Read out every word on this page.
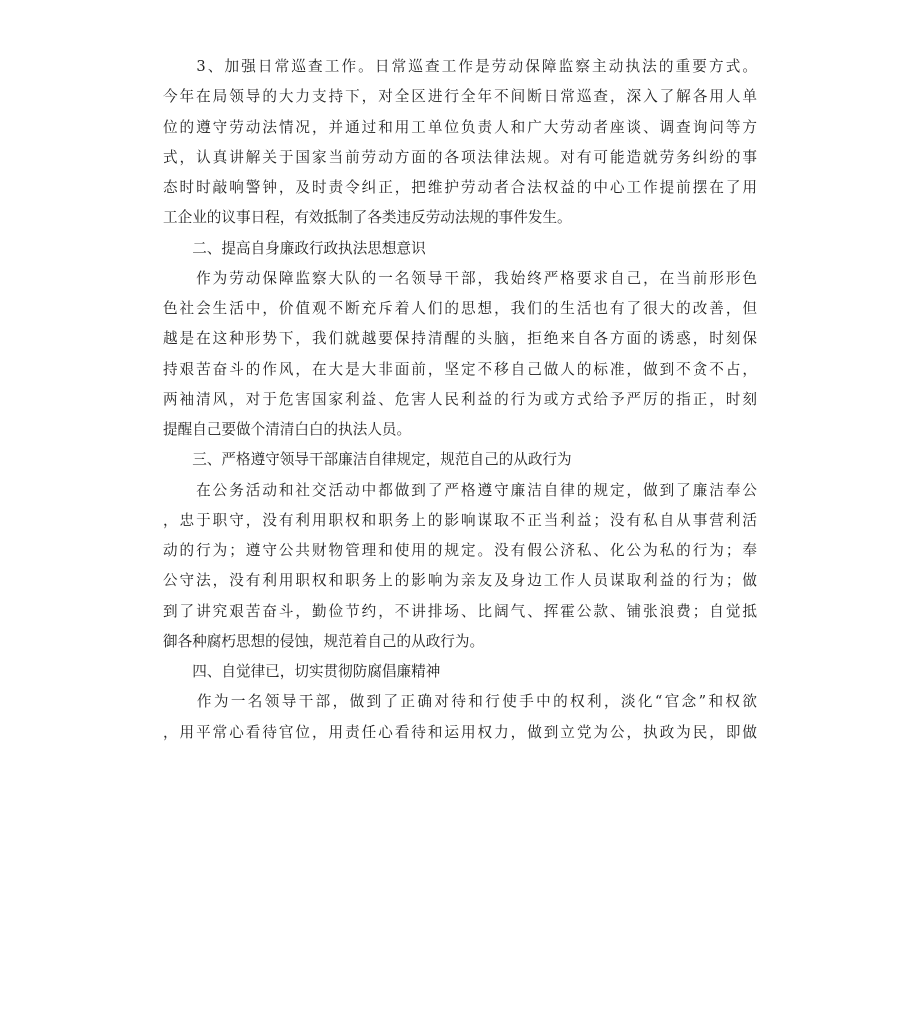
　　3、加强日常巡查工作。日常巡查工作是劳动保障监察主动执法的重要方式。
今年在局领导的大力支持下，对全区进行全年不间断日常巡查，深入了解各用人单
位的遵守劳动法情况，并通过和用工单位负责人和广大劳动者座谈、调查询问等方
式，认真讲解关于国家当前劳动方面的各项法律法规。对有可能造就劳务纠纷的事
态时时敲响警钟，及时责令纠正，把维护劳动者合法权益的中心工作提前摆在了用
工企业的议事日程，有效抵制了各类违反劳动法规的事件发生。
　　二、提高自身廉政行政执法思想意识
　　作为劳动保障监察大队的一名领导干部，我始终严格要求自己，在当前形形色
色社会生活中，价值观不断充斥着人们的思想，我们的生活也有了很大的改善，但
越是在这种形势下，我们就越要保持清醒的头脑，拒绝来自各方面的诱惑，时刻保
持艰苦奋斗的作风，在大是大非面前，坚定不移自己做人的标准，做到不贪不占，
两袖清风，对于危害国家利益、危害人民利益的行为或方式给予严厉的指正，时刻
提醒自己要做个清清白白的执法人员。
　　三、严格遵守领导干部廉洁自律规定，规范自己的从政行为
　　在公务活动和社交活动中都做到了严格遵守廉洁自律的规定，做到了廉洁奉公
，忠于职守，没有利用职权和职务上的影响谋取不正当利益；没有私自从事营利活
动的行为；遵守公共财物管理和使用的规定。没有假公济私、化公为私的行为；奉
公守法，没有利用职权和职务上的影响为亲友及身边工作人员谋取利益的行为；做
到了讲究艰苦奋斗，勤俭节约，不讲排场、比阔气、挥霍公款、铺张浪费；自觉抵
御各种腐朽思想的侵蚀，规范着自己的从政行为。
　　四、自觉律已，切实贯彻防腐倡廉精神
　　作为一名领导干部，做到了正确对待和行使手中的权利，淡化“官念”和权欲
，用平常心看待官位，用责任心看待和运用权力，做到立党为公，执政为民，即做
